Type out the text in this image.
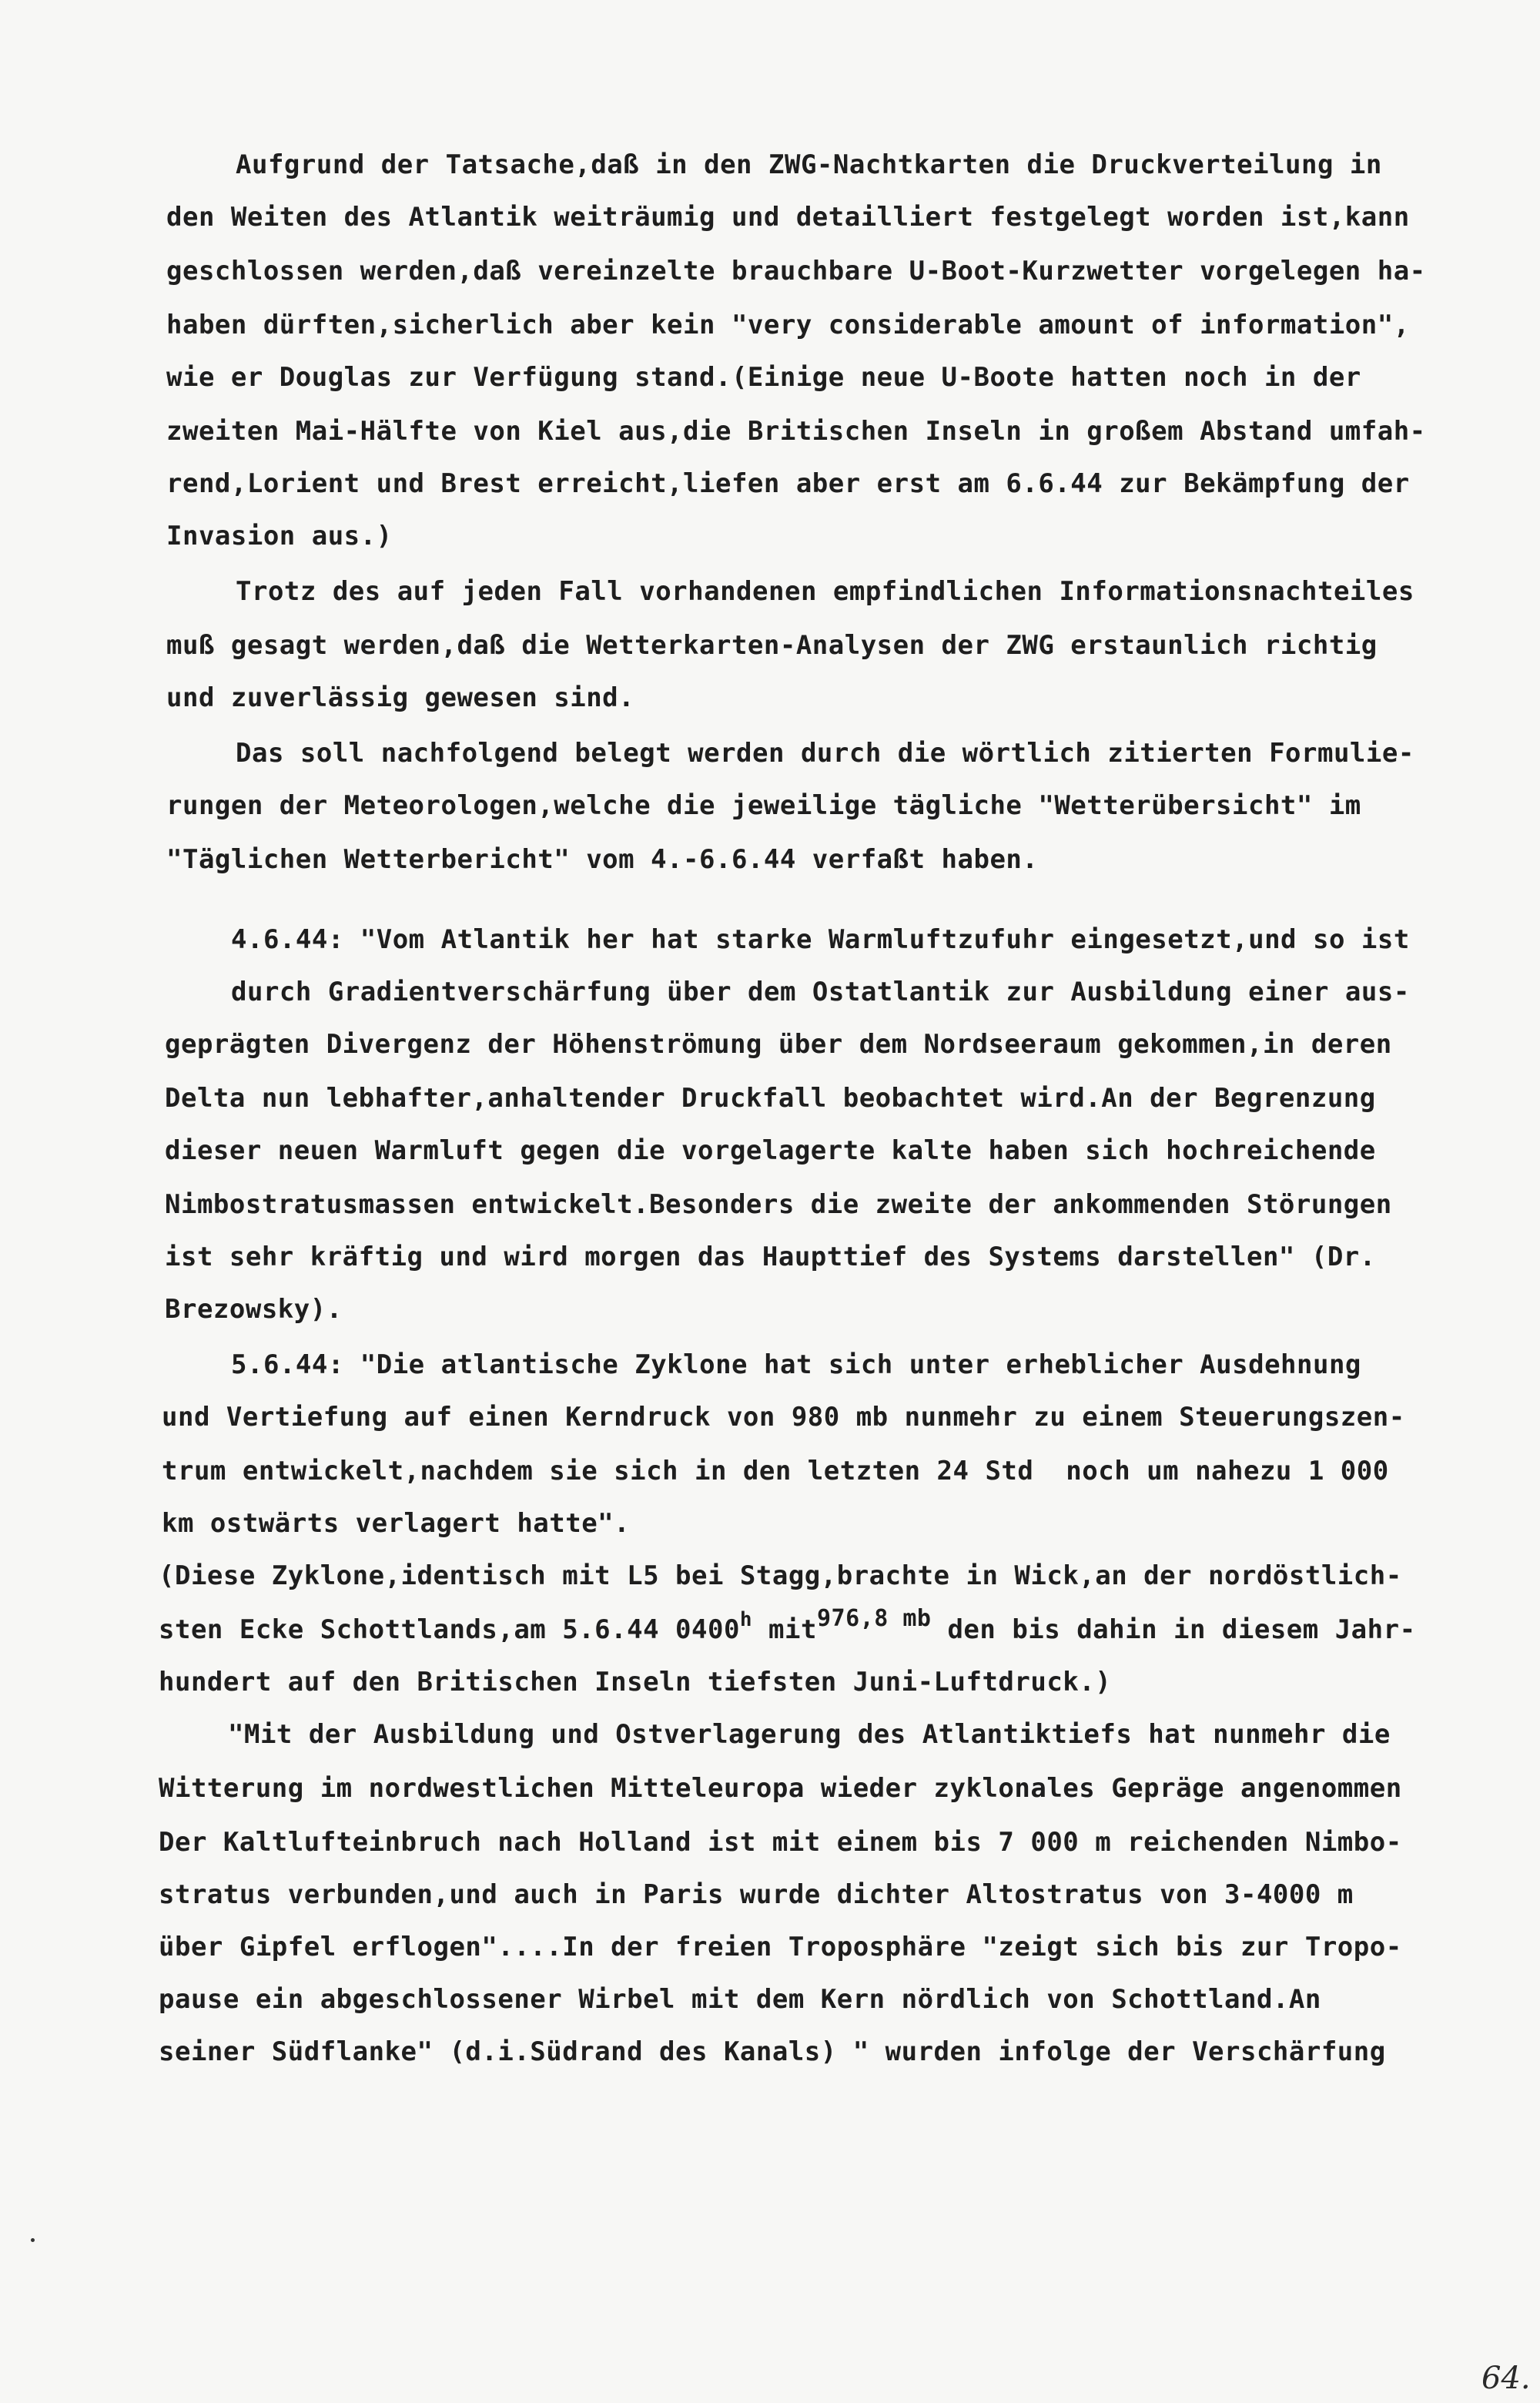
Aufgrund der Tatsache,daß in den ZWG-Nachtkarten die Druckverteilung in
den Weiten des Atlantik weiträumig und detailliert festgelegt worden ist,kann
geschlossen werden,daß vereinzelte brauchbare U-Boot-Kurzwetter vorgelegen ha-
haben dürften,sicherlich aber kein "very considerable amount of information",
wie er Douglas zur Verfügung stand.(Einige neue U-Boote hatten noch in der
zweiten Mai-Hälfte von Kiel aus,die Britischen Inseln in großem Abstand umfah-
rend,Lorient und Brest erreicht,liefen aber erst am 6.6.44 zur Bekämpfung der
Invasion aus.)
Trotz des auf jeden Fall vorhandenen empfindlichen Informationsnachteiles
muß gesagt werden,daß die Wetterkarten-Analysen der ZWG erstaunlich richtig
und zuverlässig gewesen sind.
Das soll nachfolgend belegt werden durch die wörtlich zitierten Formulie-
rungen der Meteorologen,welche die jeweilige tägliche "Wetterübersicht" im
"Täglichen Wetterbericht" vom 4.-6.6.44 verfaßt haben.
4.6.44: "Vom Atlantik her hat starke Warmluftzufuhr eingesetzt,und so ist
durch Gradientverschärfung über dem Ostatlantik zur Ausbildung einer aus-
geprägten Divergenz der Höhenströmung über dem Nordseeraum gekommen,in deren
Delta nun lebhafter,anhaltender Druckfall beobachtet wird.An der Begrenzung
dieser neuen Warmluft gegen die vorgelagerte kalte haben sich hochreichende
Nimbostratusmassen entwickelt.Besonders die zweite der ankommenden Störungen
ist sehr kräftig und wird morgen das Haupttief des Systems darstellen" (Dr.
Brezowsky).
5.6.44: "Die atlantische Zyklone hat sich unter erheblicher Ausdehnung
und Vertiefung auf einen Kerndruck von 980 mb nunmehr zu einem Steuerungszen-
trum entwickelt,nachdem sie sich in den letzten 24 Std  noch um nahezu 1 000
km ostwärts verlagert hatte".
(Diese Zyklone,identisch mit L5 bei Stagg,brachte in Wick,an der nordöstlich-
sten Ecke Schottlands,am 5.6.44 0400$^h$ mit976,8 mb den bis dahin in diesem Jahr-
hundert auf den Britischen Inseln tiefsten Juni-Luftdruck.)
"Mit der Ausbildung und Ostverlagerung des Atlantiktiefs hat nunmehr die
Witterung im nordwestlichen Mitteleuropa wieder zyklonales Gepräge angenommen
Der Kaltlufteinbruch nach Holland ist mit einem bis 7 000 m reichenden Nimbo-
stratus verbunden,und auch in Paris wurde dichter Altostratus von 3-4000 m
über Gipfel erflogen"....In der freien Troposphäre "zeigt sich bis zur Tropo-
pause ein abgeschlossener Wirbel mit dem Kern nördlich von Schottland.An
seiner Südflanke" (d.i.Südrand des Kanals) " wurden infolge der Verschärfung
64.
